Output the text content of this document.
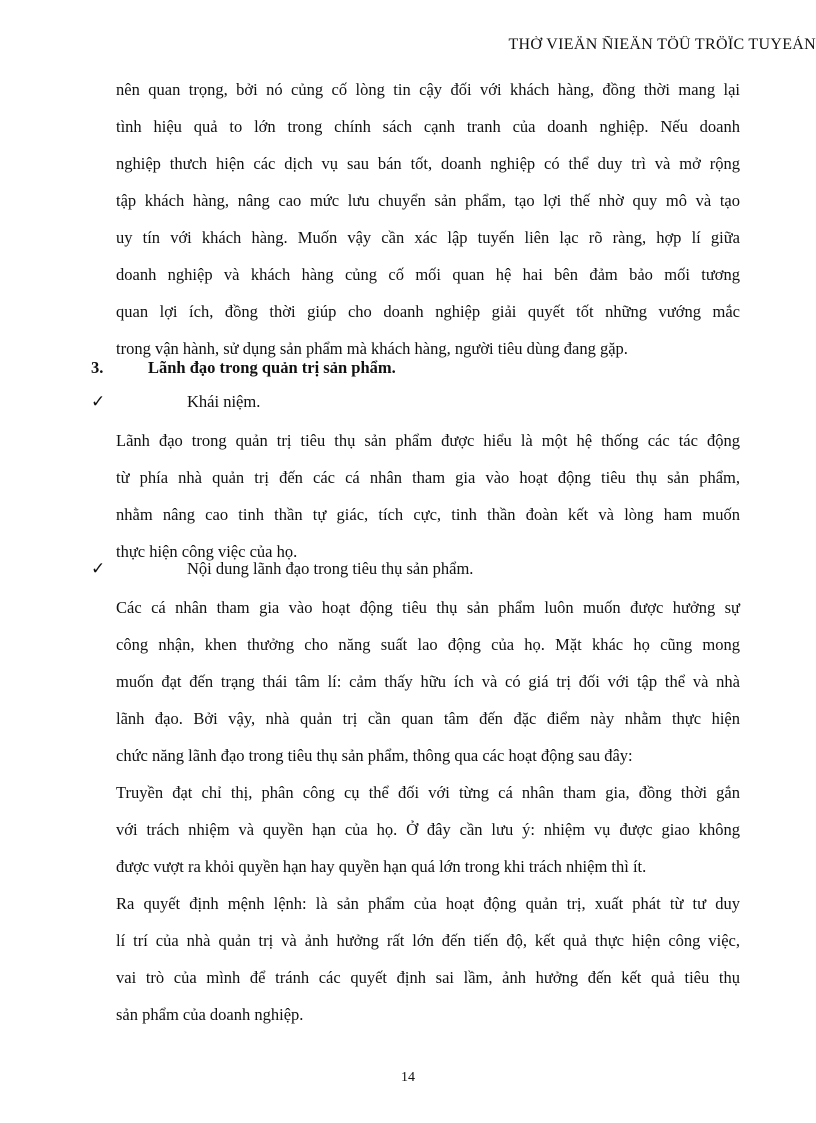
THỜ VIEÄN ÑIEÄN TÖÛ TRÖÏC TUYEÁN
nên quan trọng, bởi nó củng cố lòng tin cậy đối với khách hàng, đồng thời mang lại
tình hiệu quả to lớn trong chính sách cạnh tranh của doanh nghiệp. Nếu doanh
nghiệp thưch hiện các dịch vụ sau bán tốt, doanh nghiệp có thể duy trì và mở rộng
tập khách hàng, nâng cao mức lưu chuyển sản phẩm, tạo lợi thế nhờ quy mô và tạo
uy tín với khách hàng. Muốn vậy cần xác lập tuyến liên lạc rõ ràng, hợp lí giữa
doanh nghiệp và khách hàng củng cố mối quan hệ hai bên đảm bảo mối tương
quan lợi ích, đồng thời giúp cho doanh nghiệp giải quyết tốt những vướng mắc
trong vận hành, sử dụng sản phẩm mà khách hàng, người tiêu dùng đang gặp.
Lãnh đạo trong quản trị tiêu thụ sản phẩm được hiểu là một hệ thống các tác động
từ phía nhà quản trị đến các cá nhân tham gia vào hoạt động tiêu thụ sản phẩm,
nhằm nâng cao tinh thần tự giác, tích cực, tinh thần đoàn kết và lòng ham muốn
thực hiện công việc của họ.
Các cá nhân tham gia vào hoạt động tiêu thụ sản phẩm luôn muốn được hưởng sự
công nhận, khen thưởng cho năng suất lao động của họ. Mặt khác họ cũng mong
muốn đạt đến trạng thái tâm lí: cảm thấy hữu ích và có giá trị đối với tập thể và nhà
lãnh đạo. Bởi vậy, nhà quản trị cần quan tâm đến đặc điểm này nhằm thực hiện
chức năng lãnh đạo trong tiêu thụ sản phẩm, thông qua các hoạt động sau đây:
Truyền đạt chỉ thị, phân công cụ thể đối với từng cá nhân tham gia, đồng thời gắn
với trách nhiệm và quyền hạn của họ. Ở đây cần lưu ý: nhiệm vụ được giao không
được vượt ra khỏi quyền hạn hay quyền hạn quá lớn trong khi trách nhiệm thì ít.
Ra quyết định mệnh lệnh: là sản phẩm của hoạt động quản trị, xuất phát từ tư duy
lí trí của nhà quản trị và ảnh hưởng rất lớn đến tiến độ, kết quả thực hiện công việc,
vai trò của mình để tránh các quyết định sai lầm, ảnh hưởng đến kết quả tiêu thụ
sản phẩm của doanh nghiệp.
3.	Lãnh đạo trong quản trị sản phẩm.
✓	Khái niệm.
✓	Nội dung lãnh đạo trong tiêu thụ sản phẩm.
14
